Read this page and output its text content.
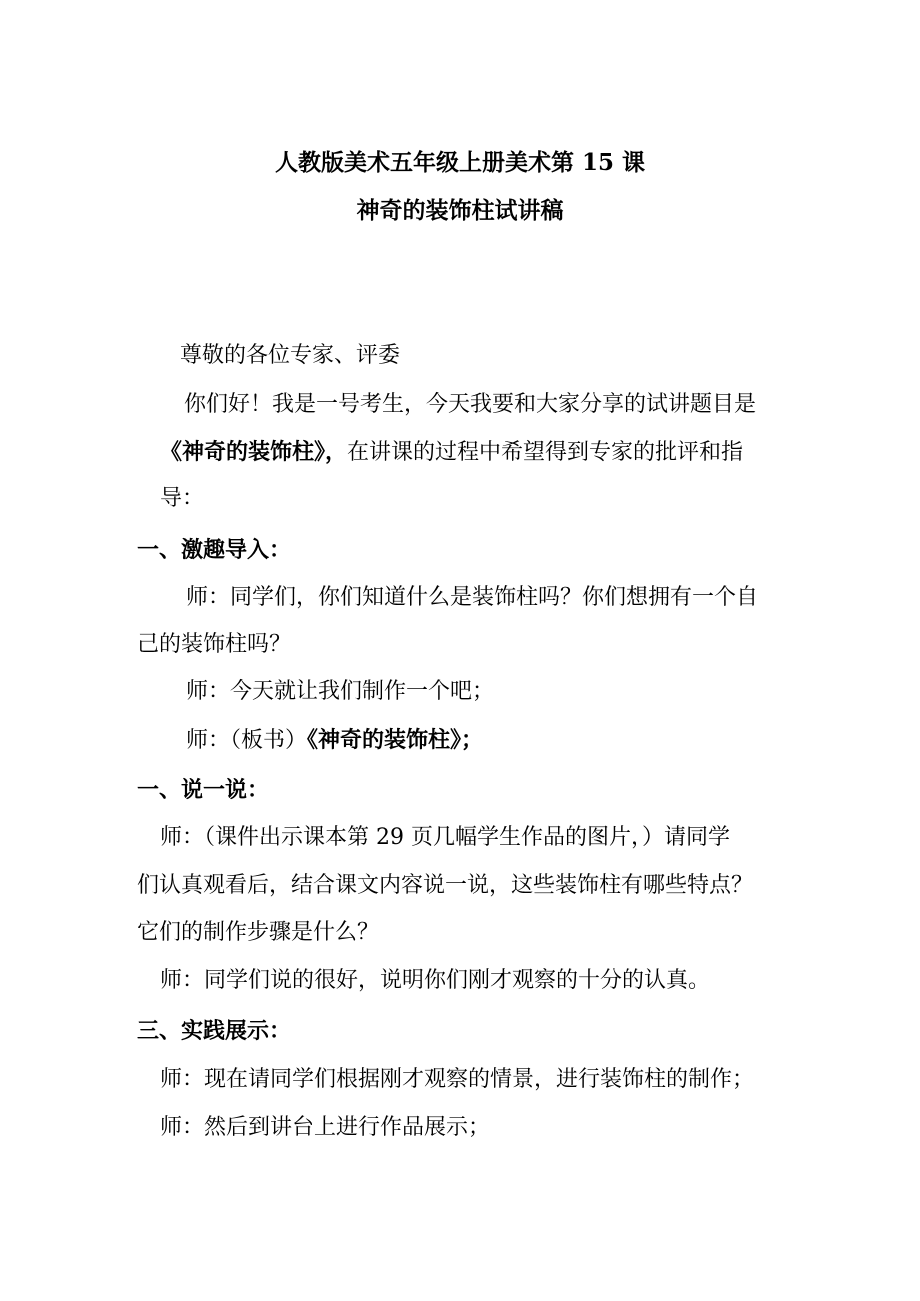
人教版美术五年级上册美术第 15 课
神奇的装饰柱试讲稿
尊敬的各位专家、评委
你们好！我是一号考生，今天我要和大家分享的试讲题目是
《神奇的装饰柱》，在讲课的过程中希望得到专家的批评和指
导：
一、激趣导入：
师：同学们，你们知道什么是装饰柱吗？你们想拥有一个自
己的装饰柱吗？
师：今天就让我们制作一个吧；
师：（板书）《神奇的装饰柱》；
一、说一说：
师：（课件出示课本第 29 页几幅学生作品的图片，）请同学
们认真观看后，结合课文内容说一说，这些装饰柱有哪些特点？
它们的制作步骤是什么？
师：同学们说的很好，说明你们刚才观察的十分的认真。
三、实践展示：
师：现在请同学们根据刚才观察的情景，进行装饰柱的制作；
师：然后到讲台上进行作品展示；
